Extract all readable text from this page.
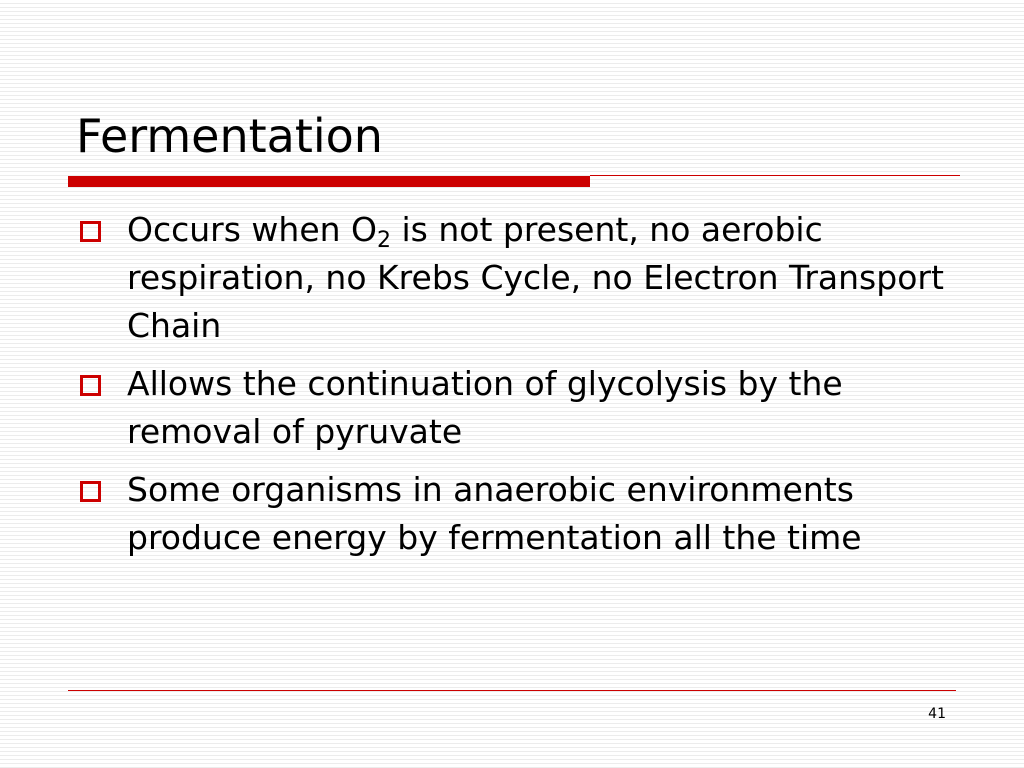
Fermentation
Occurs when $O_2$ is not present, no aerobic respiration, no Krebs Cycle, no Electron Transport Chain
Allows the continuation of glycolysis by the removal of pyruvate
Some organisms in anaerobic environments produce energy by fermentation all the time
41
